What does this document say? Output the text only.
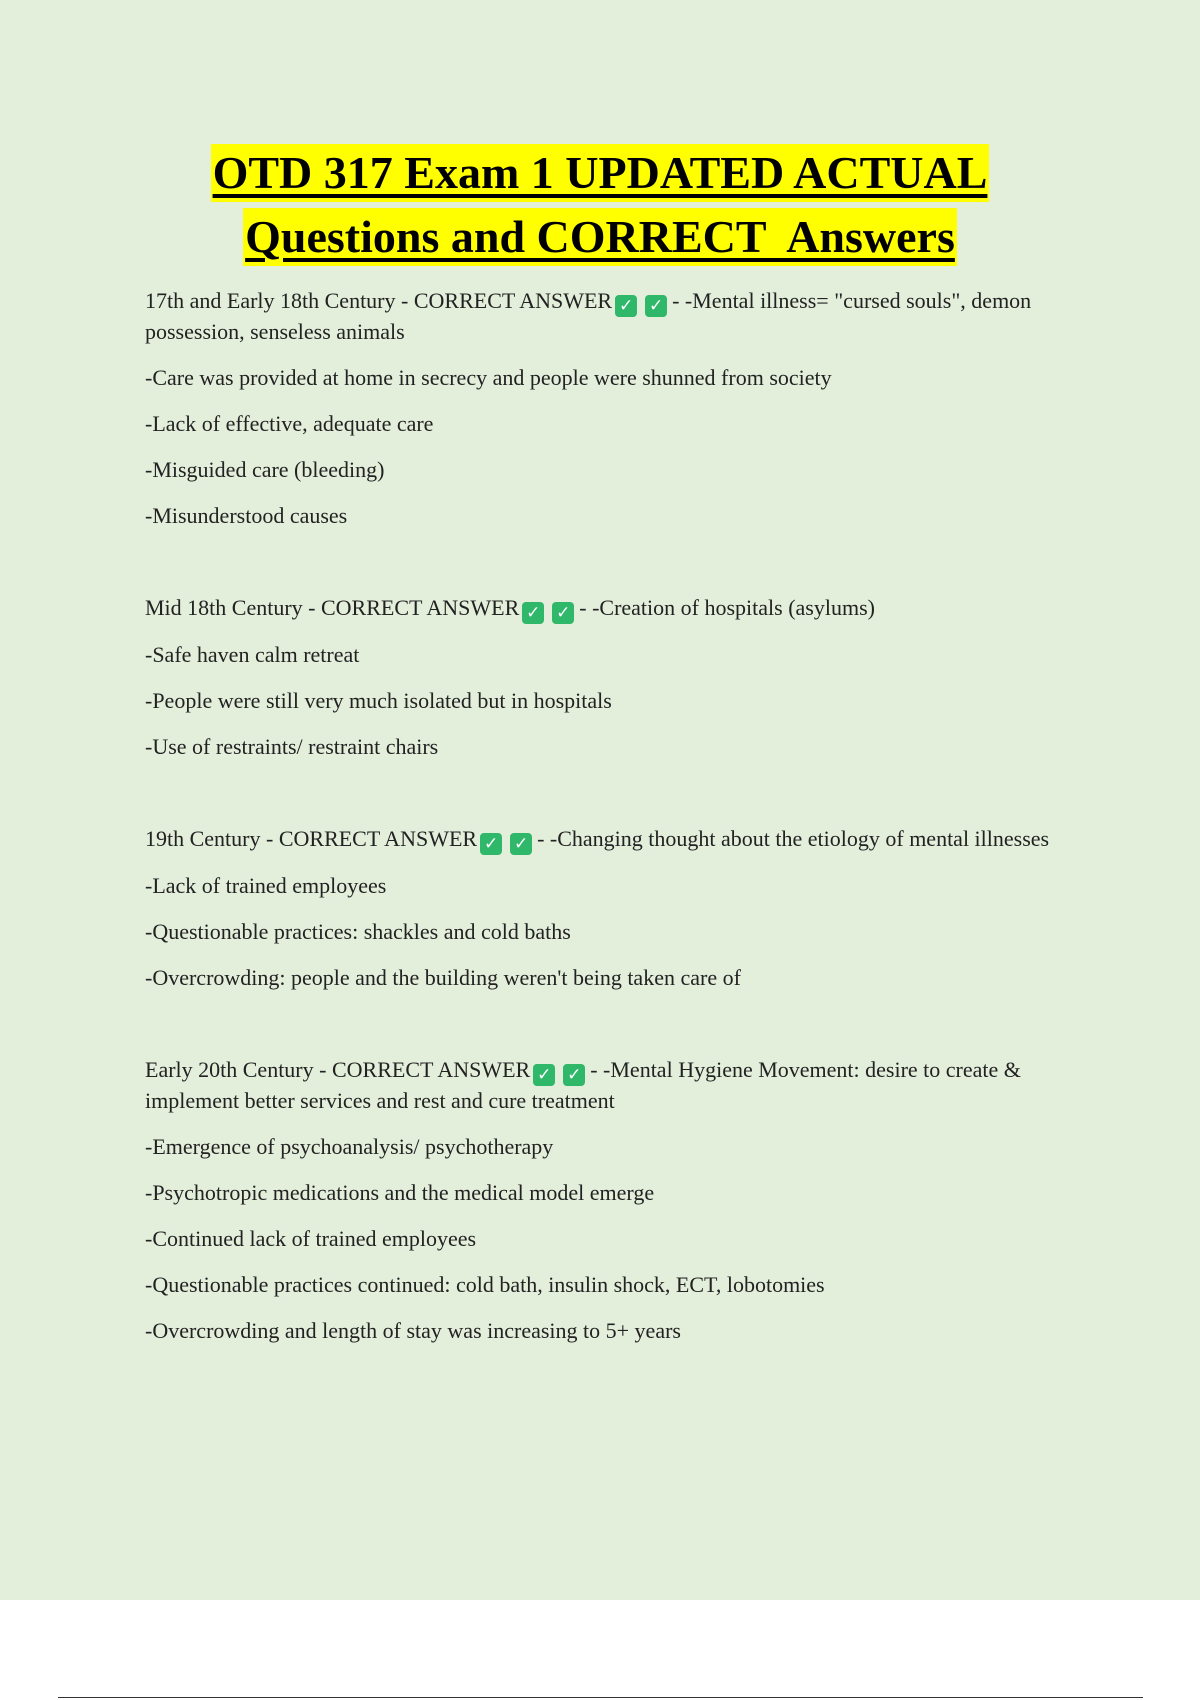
OTD 317 Exam 1 UPDATED ACTUAL
Questions and CORRECT  Answers
17th and Early 18th Century - CORRECT ANSWER ✓ ✓ - -Mental illness= "cursed souls", demon possession, senseless animals
-Care was provided at home in secrecy and people were shunned from society
-Lack of effective, adequate care
-Misguided care (bleeding)
-Misunderstood causes
Mid 18th Century - CORRECT ANSWER ✓ ✓ - -Creation of hospitals (asylums)
-Safe haven calm retreat
-People were still very much isolated but in hospitals
-Use of restraints/ restraint chairs
19th Century - CORRECT ANSWER ✓ ✓ - -Changing thought about the etiology of mental illnesses
-Lack of trained employees
-Questionable practices: shackles and cold baths
-Overcrowding: people and the building weren't being taken care of
Early 20th Century - CORRECT ANSWER ✓ ✓ - -Mental Hygiene Movement: desire to create & implement better services and rest and cure treatment
-Emergence of psychoanalysis/ psychotherapy
-Psychotropic medications and the medical model emerge
-Continued lack of trained employees
-Questionable practices continued: cold bath, insulin shock, ECT, lobotomies
-Overcrowding and length of stay was increasing to 5+ years
